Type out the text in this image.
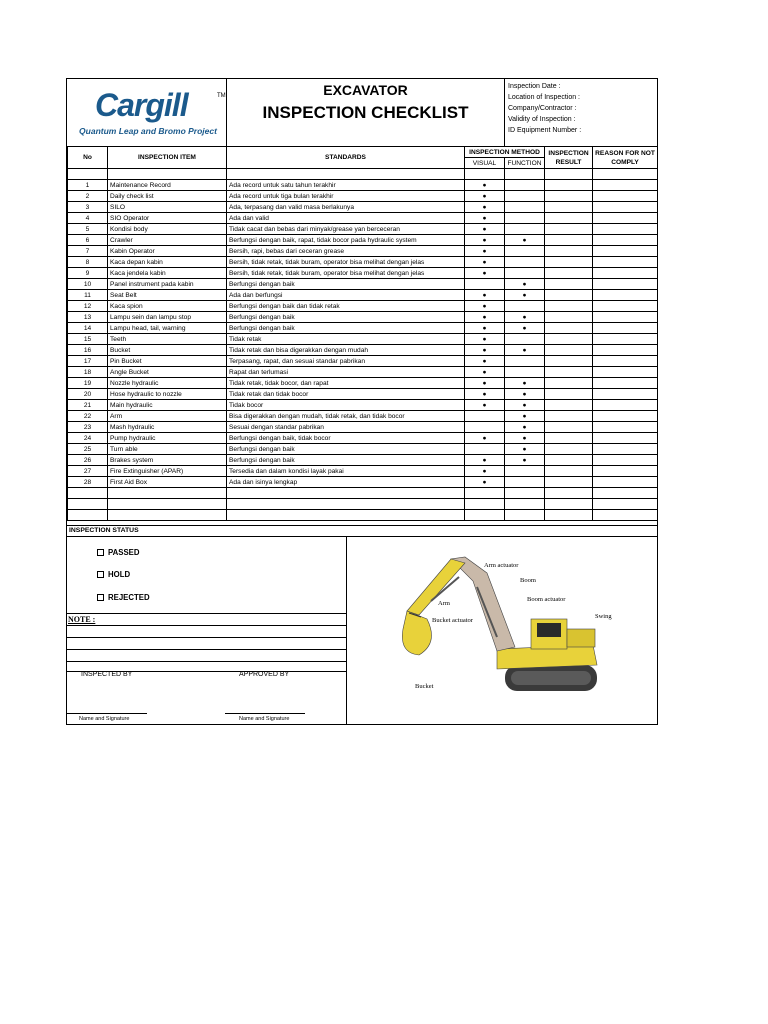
Cargill	TM
Quantum Leap and Bromo Project
EXCAVATOR
INSPECTION CHECKLIST
Inspection Date :
Location of Inspection :
Company/Contractor :
Validity of Inspection :
ID Equipment Number :
No	INSPECTION ITEM	STANDARDS	INSPECTION METHOD		INSPECTION RESULT	REASON FOR NOT COMPLY
			VISUAL	FUNCTION		

1	Maintenance Record	Ada record untuk satu tahun terakhir	●			
2	Daily check list	Ada record untuk tiga bulan terakhir	●			
3	SILO	Ada, terpasang dan valid masa berlakunya	●			
4	SIO Operator	Ada dan valid	●			
5	Kondisi body	Tidak cacat dan bebas dari minyak/grease yan berceceran	●			
6	Crawler	Berfungsi dengan baik, rapat, tidak bocor pada hydraulic system	●	●		
7	Kabin Operator	Bersih, rapi, bebas dari ceceran grease	●			
8	Kaca depan kabin	Bersih, tidak retak, tidak buram, operator bisa melihat dengan jelas	●			
9	Kaca jendela kabin	Bersih, tidak retak, tidak buram, operator bisa melihat dengan jelas	●			
10	Panel instrument pada kabin	Berfungsi dengan baik		●		
11	Seat Belt	Ada dan berfungsi	●	●		
12	Kaca spion	Berfungsi dengan baik dan tidak retak	●			
13	Lampu sein dan lampu stop	Berfungsi dengan baik	●	●		
14	Lampu head, tail, warning	Berfungsi dengan baik	●	●		
15	Teeth	Tidak retak	●			
16	Bucket	Tidak retak dan bisa digerakkan dengan mudah	●	●		
17	Pin Bucket	Terpasang, rapat, dan sesuai standar pabrikan	●			
18	Angle Bucket	Rapat dan terlumasi	●			
19	Nozzle hydraulic	Tidak retak, tidak bocor, dan rapat	●	●		
20	Hose hydraulic to nozzle	Tidak retak dan tidak bocor	●	●		
21	Main hydraulic	Tidak bocor	●	●		
22	Arm	Bisa digerakkan dengan mudah, tidak retak, dan tidak bocor		●		
23	Mash hydraulic	Sesuai dengan standar pabrikan		●		
24	Pump hydraulic	Berfungsi dengan baik, tidak bocor	●	●		
25	Turn able	Berfungsi dengan baik		●		
26	Brakes system	Berfungsi dengan baik	●	●		
27	Fire Extinguisher (APAR)	Tersedia dan dalam kondisi layak pakai	●			
28	First Aid Box	Ada dan isinya lengkap	●			

INSPECTION STATUS
PASSED
HOLD
REJECTED
NOTE :
INSPECTED BY	APPROVED BY
Name and Signature	Name and Signature
Arm actuator
Boom
Boom actuator
Swing
Arm
Bucket actuator
Bucket
